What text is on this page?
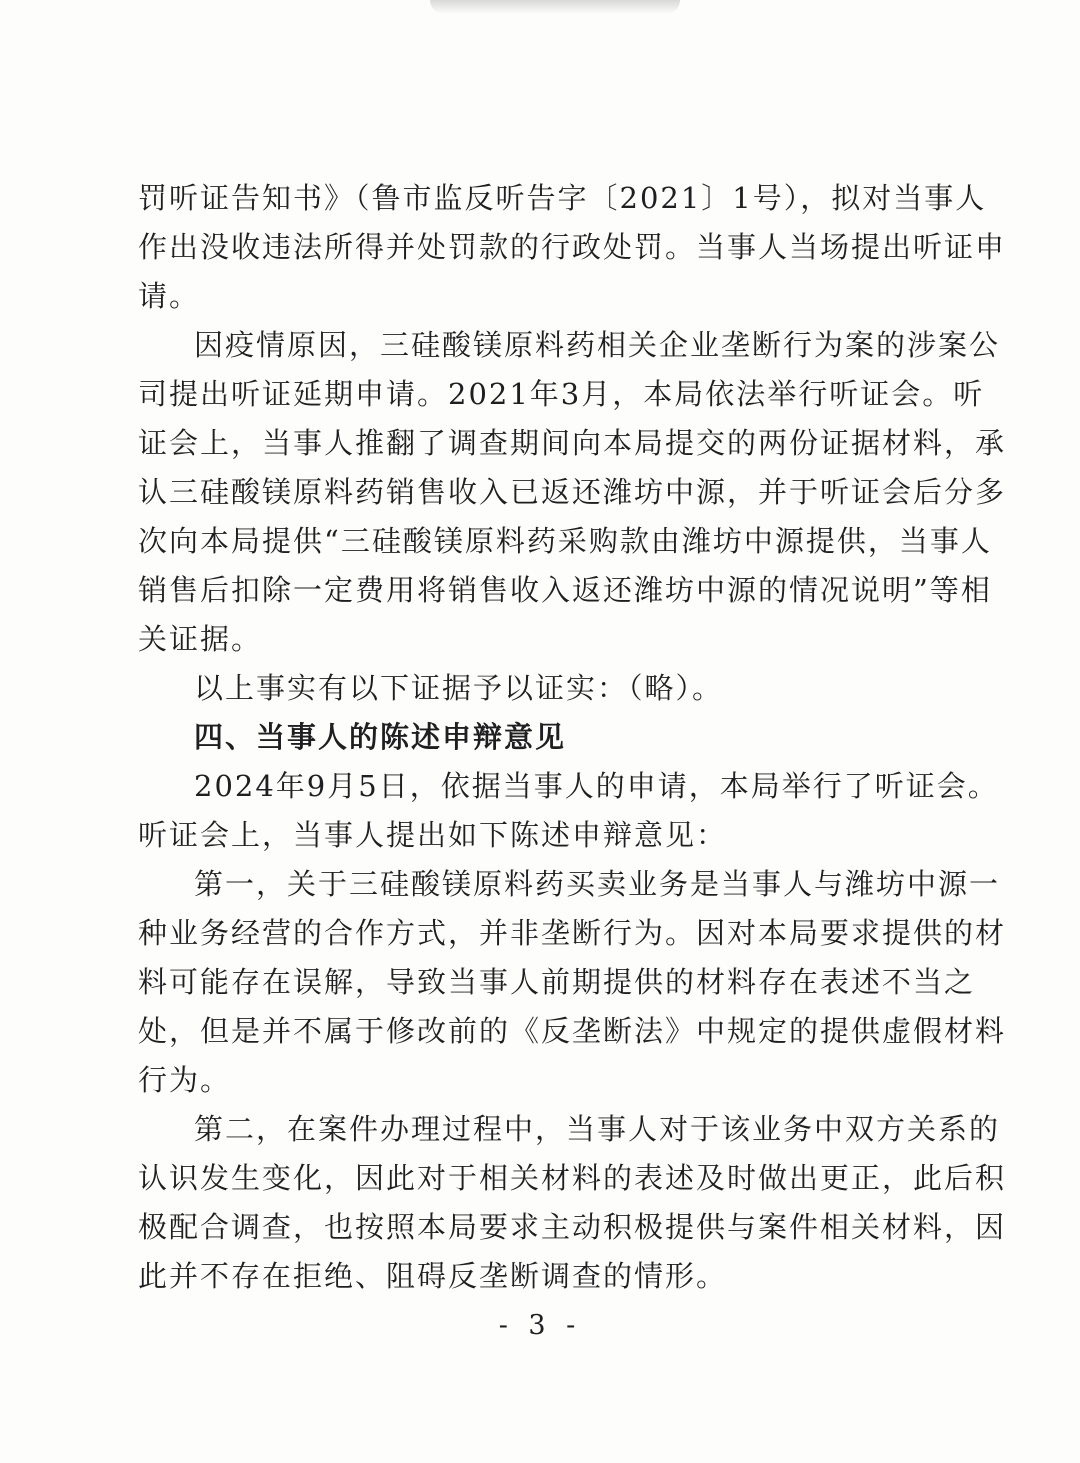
罚听证告知书》（鲁市监反听告字〔2021〕1号），拟对当事人
作出没收违法所得并处罚款的行政处罚。当事人当场提出听证申
请。
因疫情原因，三硅酸镁原料药相关企业垄断行为案的涉案公
司提出听证延期申请。2021年3月，本局依法举行听证会。听
证会上，当事人推翻了调查期间向本局提交的两份证据材料，承
认三硅酸镁原料药销售收入已返还潍坊中源，并于听证会后分多
次向本局提供“三硅酸镁原料药采购款由潍坊中源提供，当事人
销售后扣除一定费用将销售收入返还潍坊中源的情况说明”等相
关证据。
以上事实有以下证据予以证实：（略）。
四、当事人的陈述申辩意见
2024年9月5日，依据当事人的申请，本局举行了听证会。
听证会上，当事人提出如下陈述申辩意见：
第一，关于三硅酸镁原料药买卖业务是当事人与潍坊中源一
种业务经营的合作方式，并非垄断行为。因对本局要求提供的材
料可能存在误解，导致当事人前期提供的材料存在表述不当之
处，但是并不属于修改前的《反垄断法》中规定的提供虚假材料
行为。
第二，在案件办理过程中，当事人对于该业务中双方关系的
认识发生变化，因此对于相关材料的表述及时做出更正，此后积
极配合调查，也按照本局要求主动积极提供与案件相关材料，因
此并不存在拒绝、阻碍反垄断调查的情形。
- 3 -
